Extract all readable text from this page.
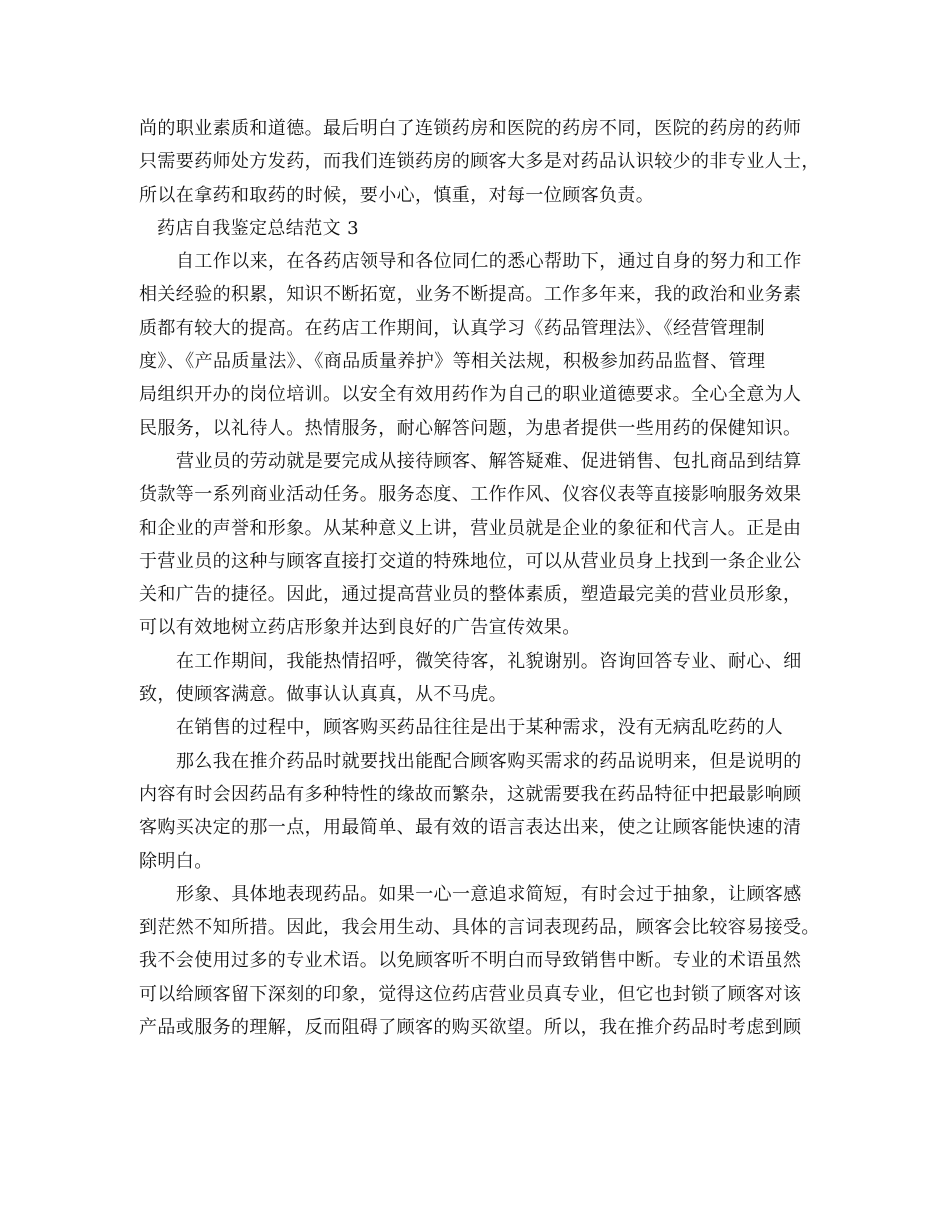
尚的职业素质和道德。最后明白了连锁药房和医院的药房不同，医院的药房的药师

只需要药师处方发药，而我们连锁药房的顾客大多是对药品认识较少的非专业人士，

所以在拿药和取药的时候，要小心，慎重，对每一位顾客负责。

药店自我鉴定总结范文 3

自工作以来，在各药店领导和各位同仁的悉心帮助下，通过自身的努力和工作

相关经验的积累，知识不断拓宽，业务不断提高。工作多年来，我的政治和业务素

质都有较大的提高。在药店工作期间，认真学习《药品管理法》、《经营管理制

度》、《产品质量法》、《商品质量养护》等相关法规，积极参加药品监督、管理

局组织开办的岗位培训。以安全有效用药作为自己的职业道德要求。全心全意为人

民服务，以礼待人。热情服务，耐心解答问题，为患者提供一些用药的保健知识。

营业员的劳动就是要完成从接待顾客、解答疑难、促进销售、包扎商品到结算

货款等一系列商业活动任务。服务态度、工作作风、仪容仪表等直接影响服务效果

和企业的声誉和形象。从某种意义上讲，营业员就是企业的象征和代言人。正是由

于营业员的这种与顾客直接打交道的特殊地位，可以从营业员身上找到一条企业公

关和广告的捷径。因此，通过提高营业员的整体素质，塑造最完美的营业员形象，

可以有效地树立药店形象并达到良好的广告宣传效果。

在工作期间，我能热情招呼，微笑待客，礼貌谢别。咨询回答专业、耐心、细

致，使顾客满意。做事认认真真，从不马虎。

在销售的过程中，顾客购买药品往往是出于某种需求，没有无病乱吃药的人

那么我在推介药品时就要找出能配合顾客购买需求的药品说明来，但是说明的

内容有时会因药品有多种特性的缘故而繁杂，这就需要我在药品特征中把最影响顾

客购买决定的那一点，用最简单、最有效的语言表达出来，使之让顾客能快速的清

除明白。

形象、具体地表现药品。如果一心一意追求简短，有时会过于抽象，让顾客感

到茫然不知所措。因此，我会用生动、具体的言词表现药品，顾客会比较容易接受。

我不会使用过多的专业术语。以免顾客听不明白而导致销售中断。专业的术语虽然

可以给顾客留下深刻的印象，觉得这位药店营业员真专业，但它也封锁了顾客对该

产品或服务的理解，反而阻碍了顾客的购买欲望。所以，我在推介药品时考虑到顾
